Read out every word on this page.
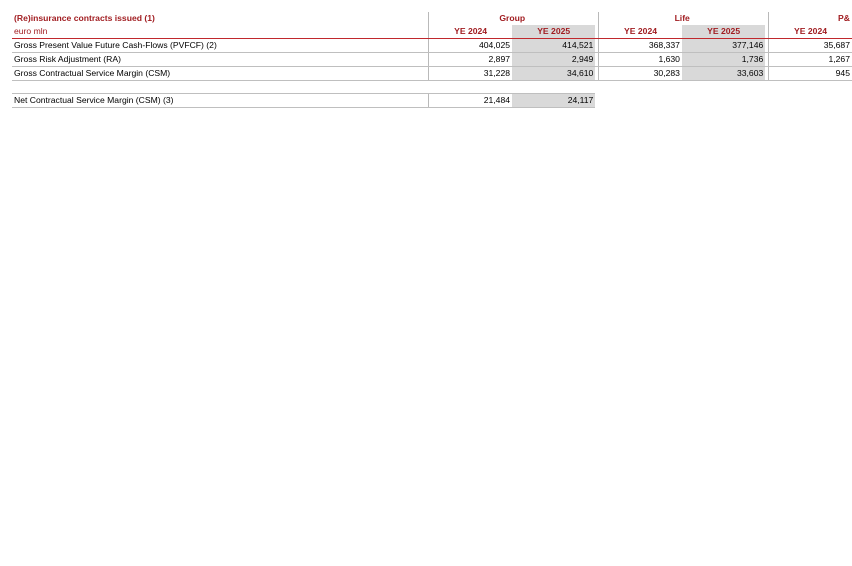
(Re)insurance contracts issued (1)		Group			Life			P&
euro mln		YE 2024	YE 2025		YE 2024	YE 2025		YE 2024
Gross Present Value Future Cash-Flows (PVFCF) (2)		404,025	414,521		368,337	377,146		35,687
Gross Risk Adjustment (RA)		2,897	2,949		1,630	1,736		1,267
Gross Contractual Service Margin (CSM)		31,228	34,610		30,283	33,603		945

Net Contractual Service Margin (CSM) (3)		21,484	24,117					
